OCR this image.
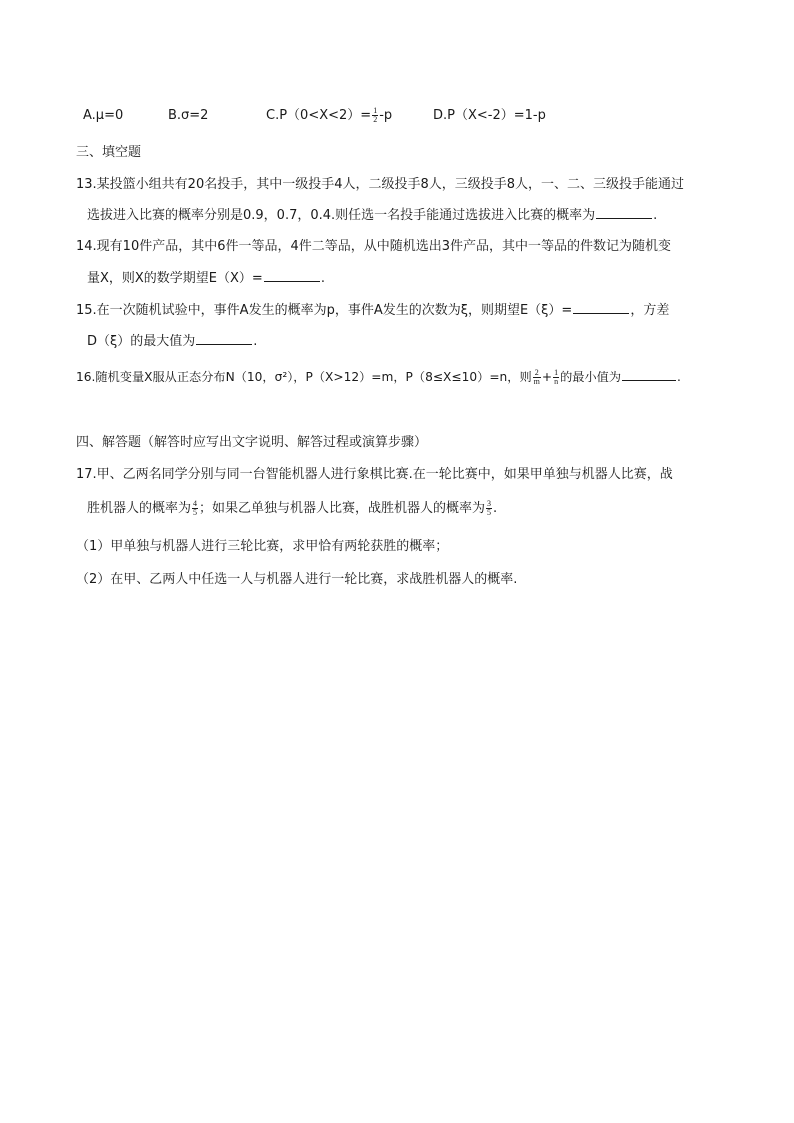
A.μ=0	B.σ=2	$C.P(0<X<2)= \frac{1}{2} -p$	D.P（X<-2）=1-p
三、填空题
13.某投篮小组共有20名投手，其中一级投手4人，二级投手8人，三级投手8人，一、二、三级投手能通过
选拔进入比赛的概率分别是0.9，0.7，0.4.则任选一名投手能通过选拔进入比赛的概率为	.
14.现有10件产品，其中6件一等品，4件二等品，从中随机选出3件产品，其中一等品的件数记为随机变
量X，则X的数学期望E（X）=	.
15.在一次随机试验中，事件A发生的概率为p，事件A发生的次数为ξ，则期望E（ξ）=	，方差
D（ξ）的最大值为	.
16.随机变量X服从正态分布N（10，σ²），P（X>12）=m，P（8≤X≤10）=n，则 $\frac{2}{m} + \frac{1}{n}$ 的最小值为	.
四、解答题（解答时应写出文字说明、解答过程或演算步骤）
17.甲、乙两名同学分别与同一台智能机器人进行象棋比赛.在一轮比赛中，如果甲单独与机器人比赛，战
胜机器人的概率为 $\frac{4}{5}$ ；如果乙单独与机器人比赛，战胜机器人的概率为 $\frac{3}{5}$ .
（1）甲单独与机器人进行三轮比赛，求甲恰有两轮获胜的概率；
（2）在甲、乙两人中任选一人与机器人进行一轮比赛，求战胜机器人的概率.
